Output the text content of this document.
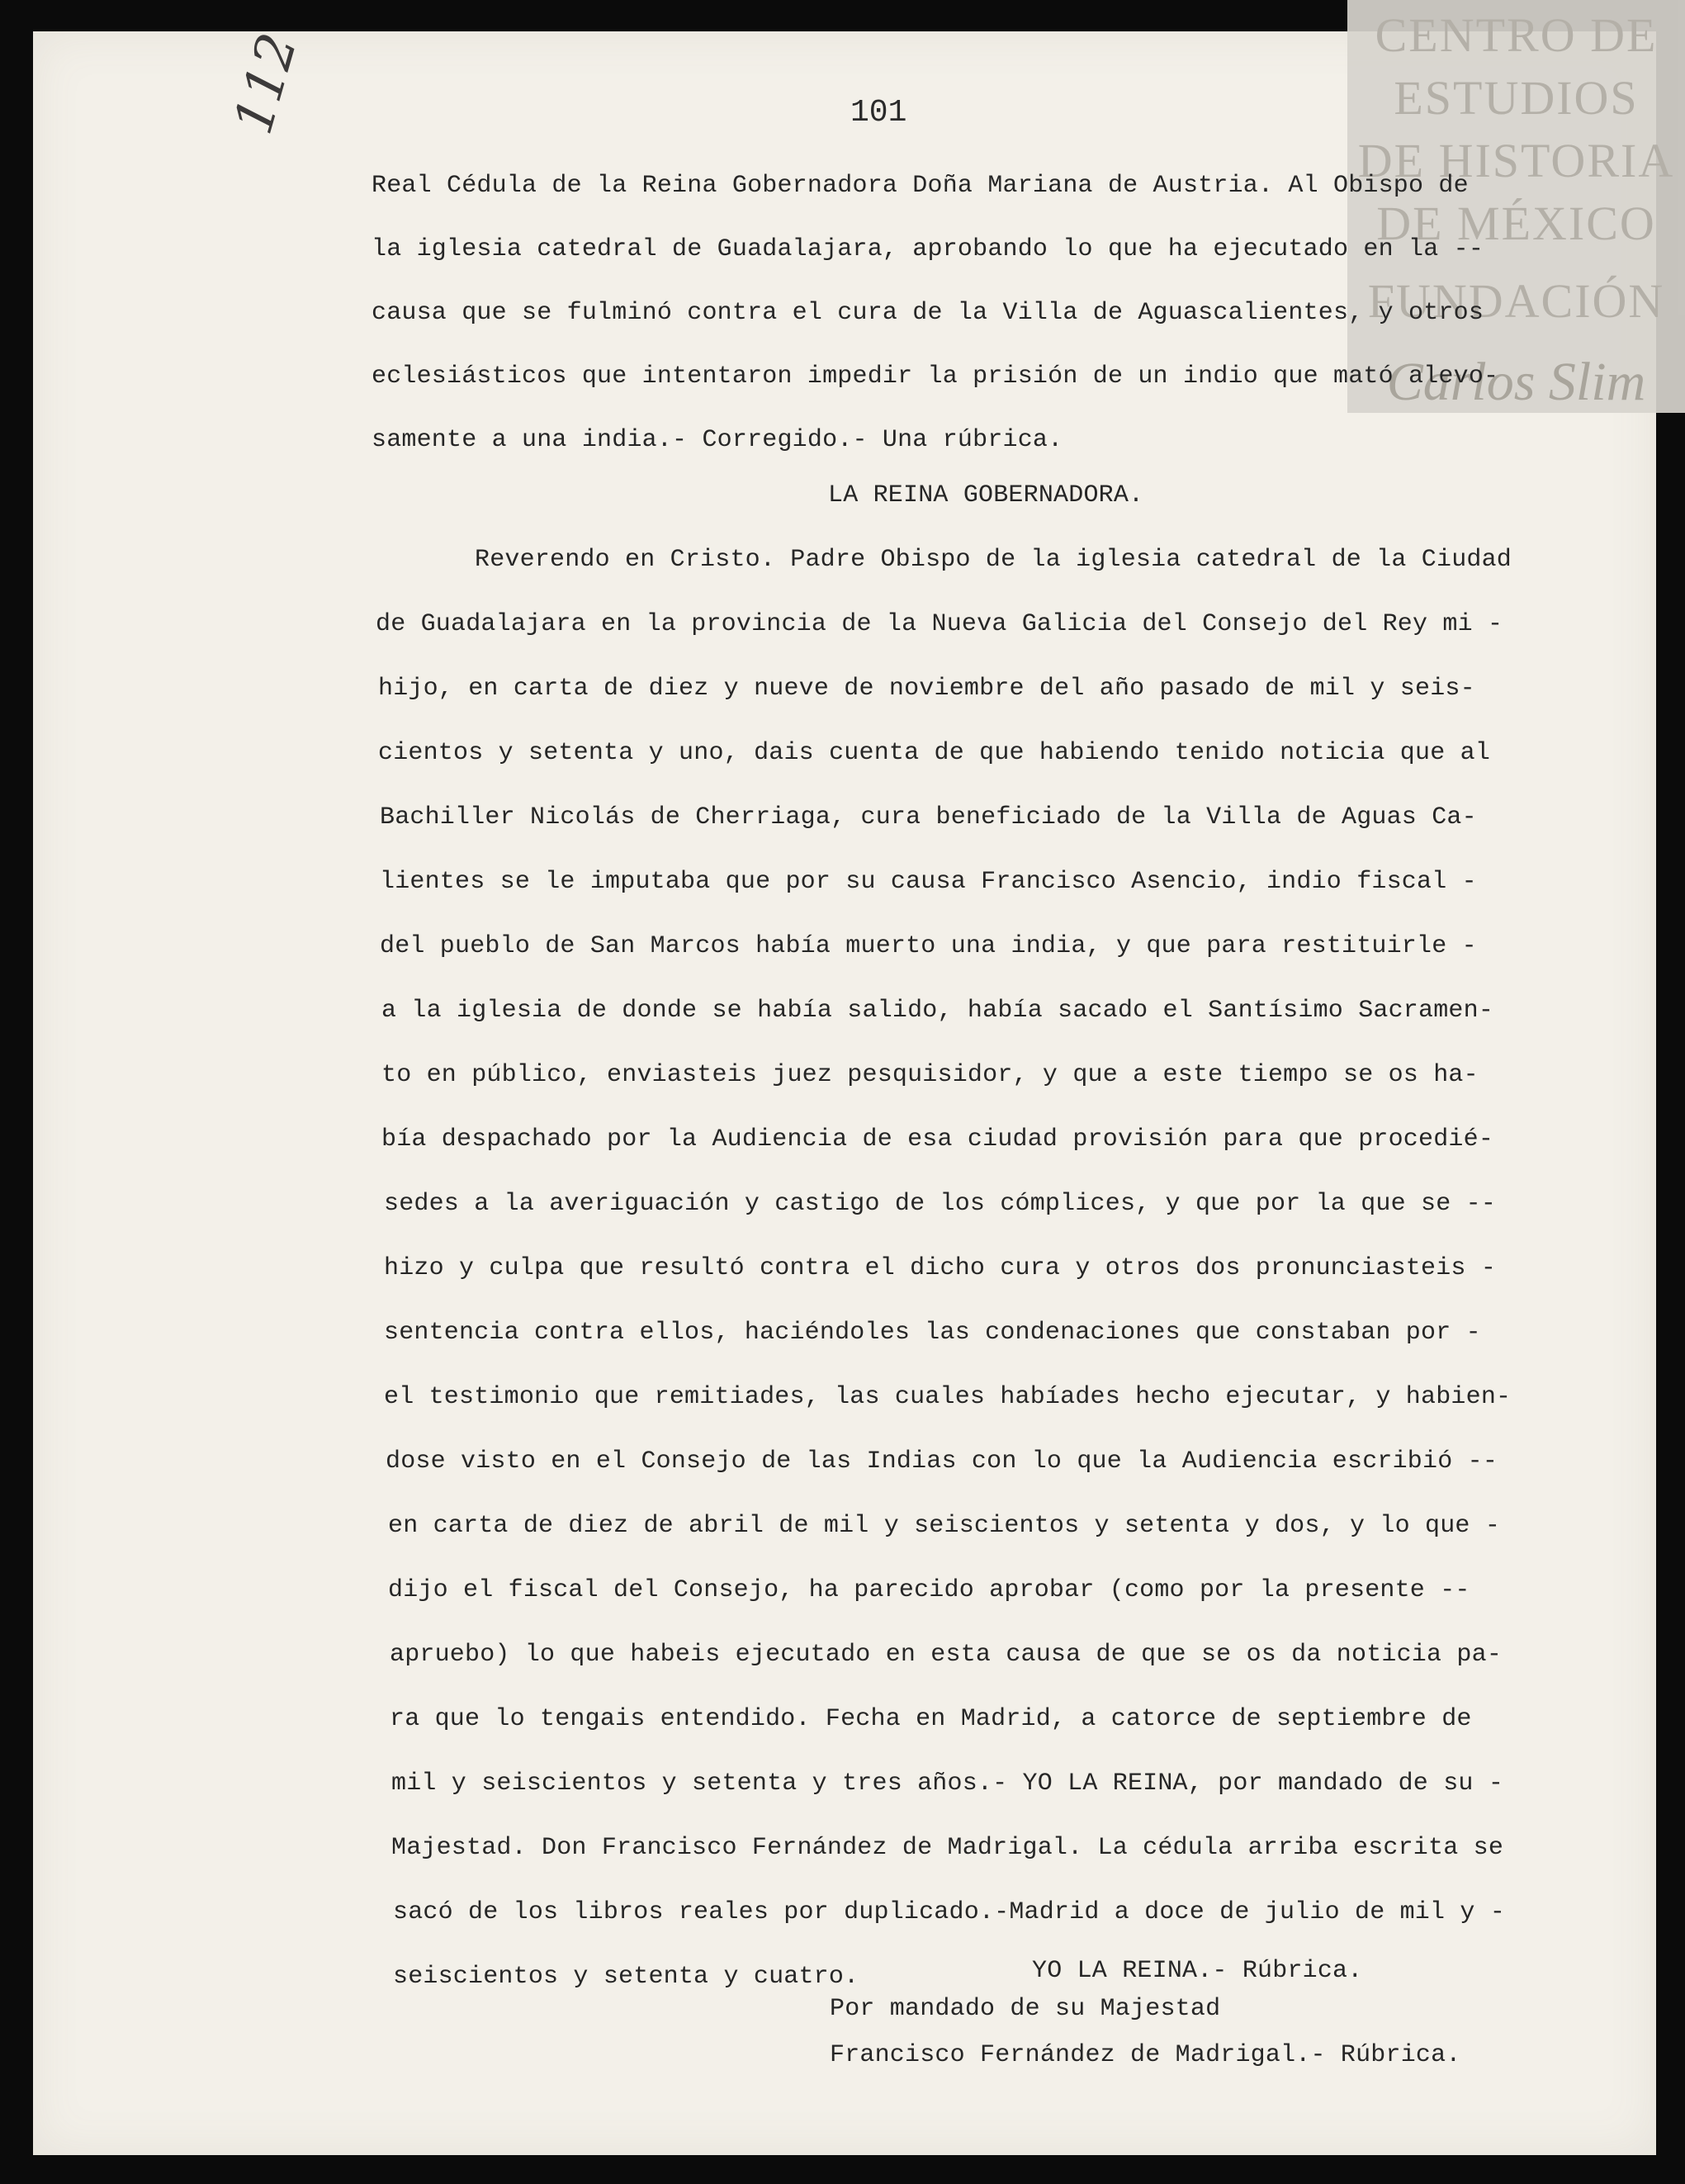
CENTRO DE
ESTUDIOS
DE HISTORIA
DE MÉXICO
FUNDACIÓN
Carlos Slim
112	101
Real Cédula de la Reina Gobernadora Doña Mariana de Austria. Al Obispo de
la iglesia catedral de Guadalajara, aprobando lo que ha ejecutado en la --
causa que se fulminó contra el cura de la Villa de Aguascalientes, y otros
eclesiásticos que intentaron impedir la prisión de un indio que mató alevo-
samente a una india.- Corregido.- Una rúbrica.
LA REINA GOBERNADORA.
Reverendo en Cristo. Padre Obispo de la iglesia catedral de la Ciudad
de Guadalajara en la provincia de la Nueva Galicia del Consejo del Rey mi -
hijo, en carta de diez y nueve de noviembre del año pasado de mil y seis-
cientos y setenta y uno, dais cuenta de que habiendo tenido noticia que al
Bachiller Nicolás de Cherriaga, cura beneficiado de la Villa de Aguas Ca-
lientes se le imputaba que por su causa Francisco Asencio, indio fiscal -
del pueblo de San Marcos había muerto una india, y que para restituirle -
a la iglesia de donde se había salido, había sacado el Santísimo Sacramen-
to en público, enviasteis juez pesquisidor, y que a este tiempo se os ha-
bía despachado por la Audiencia de esa ciudad provisión para que procedié-
sedes a la averiguación y castigo de los cómplices, y que por la que se --
hizo y culpa que resultó contra el dicho cura y otros dos pronunciasteis -
sentencia contra ellos, haciéndoles las condenaciones que constaban por -
el testimonio que remitiades, las cuales habíades hecho ejecutar, y habien-
dose visto en el Consejo de las Indias con lo que la Audiencia escribió --
en carta de diez de abril de mil y seiscientos y setenta y dos, y lo que -
dijo el fiscal del Consejo, ha parecido aprobar (como por la presente --
apruebo) lo que habeis ejecutado en esta causa de que se os da noticia pa-
ra que lo tengais entendido. Fecha en Madrid, a catorce de septiembre de
mil y seiscientos y setenta y tres años.- YO LA REINA, por mandado de su -
Majestad. Don Francisco Fernández de Madrigal. La cédula arriba escrita se
sacó de los libros reales por duplicado.-Madrid a doce de julio de mil y -
seiscientos y setenta y cuatro.	YO LA REINA.- Rúbrica.
Por mandado de su Majestad
Francisco Fernández de Madrigal.- Rúbrica.
